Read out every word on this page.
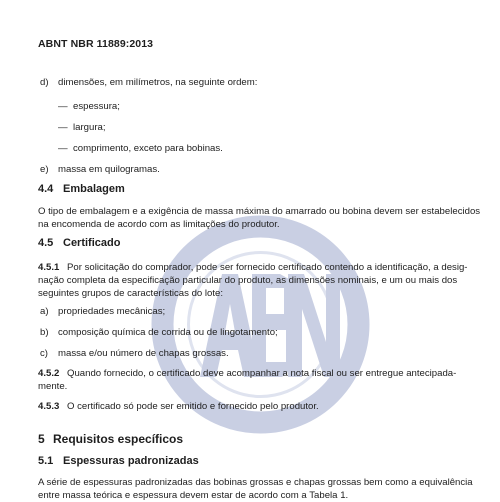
ABNT NBR 11889:2013

d) dimensões, em milímetros, na seguinte ordem:
— espessura;
— largura;
— comprimento, exceto para bobinas.
e) massa em quilogramas.
4.4 Embalagem
O tipo de embalagem e a exigência de massa máxima do amarrado ou bobina devem ser estabelecidos
na encomenda de acordo com as limitações do produtor.
4.5 Certificado
4.5.1 Por solicitação do comprador, pode ser fornecido certificado contendo a identificação, a desig-
nação completa da especificação particular do produto, as dimensões nominais, e um ou mais dos
seguintes grupos de características do lote:
a) propriedades mecânicas;
b) composição química de corrida ou de lingotamento;
c) massa e/ou número de chapas grossas.
4.5.2 Quando fornecido, o certificado deve acompanhar a nota fiscal ou ser entregue antecipada-
mente.
4.5.3 O certificado só pode ser emitido e fornecido pelo produtor.
5 Requisitos específicos
5.1 Espessuras padronizadas
A série de espessuras padronizadas das bobinas grossas e chapas grossas bem como a equivalência
entre massa teórica e espessura devem estar de acordo com a Tabela 1.
